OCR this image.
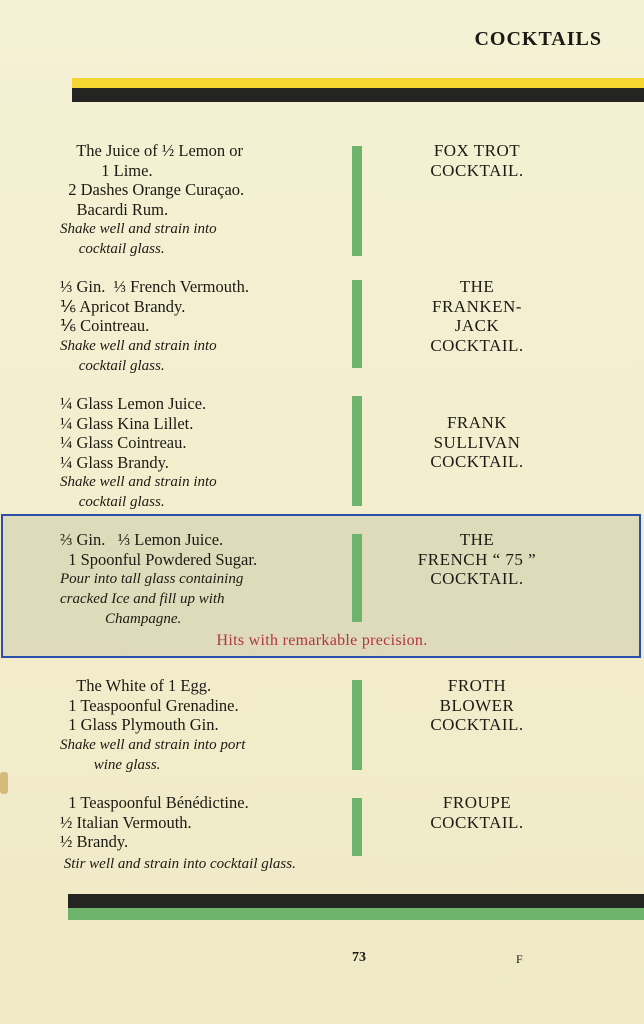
COCKTAILS
The Juice of ½ Lemon or
1 Lime.
2 Dashes Orange Curaçao.
Bacardi Rum.
Shake well and strain into
cocktail glass.
FOX TROT
COCKTAIL.
⅓ Gin.  ⅓ French Vermouth.
⅙ Apricot Brandy.
⅙ Cointreau.
Shake well and strain into
cocktail glass.
THE
FRANKEN-
JACK
COCKTAIL.
¼ Glass Lemon Juice.
¼ Glass Kina Lillet.
¼ Glass Cointreau.
¼ Glass Brandy.
Shake well and strain into
cocktail glass.
FRANK
SULLIVAN
COCKTAIL.
⅔ Gin.   ⅓ Lemon Juice.
1 Spoonful Powdered Sugar.
Pour into tall glass containing
cracked Ice and fill up with
Champagne.
THE
FRENCH “ 75 ”
COCKTAIL.
Hits with remarkable precision.
The White of 1 Egg.
1 Teaspoonful Grenadine.
1 Glass Plymouth Gin.
Shake well and strain into port
wine glass.
FROTH
BLOWER
COCKTAIL.
1 Teaspoonful Bénédictine.
½ Italian Vermouth.
½ Brandy.
Stir well and strain into cocktail glass.
FROUPE
COCKTAIL.
73	F
